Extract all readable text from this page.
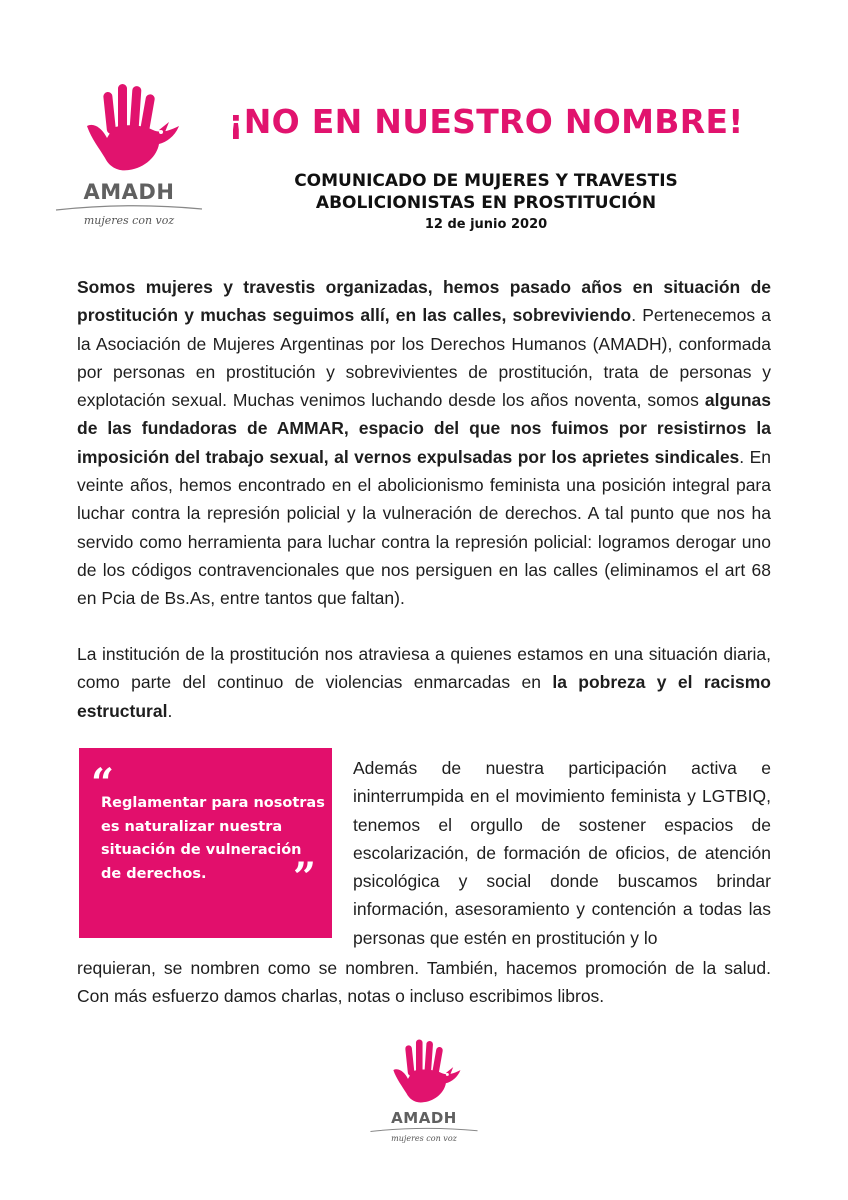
AMADH
mujeres con voz
¡NO EN NUESTRO NOMBRE!
COMUNICADO DE MUJERES Y TRAVESTIS
ABOLICIONISTAS EN PROSTITUCIÓN
12 de junio 2020
Somos mujeres y travestis organizadas, hemos pasado años en situación de prostitución y muchas seguimos allí, en las calles, sobreviviendo. Pertenecemos a la Asociación de Mujeres Argentinas por los Derechos Humanos (AMADH), conformada por personas en prostitución y sobrevivientes de prostitución, trata de personas y explotación sexual. Muchas venimos luchando desde los años noventa, somos algunas de las fundadoras de AMMAR, espacio del que nos fuimos por resistirnos la imposición del trabajo sexual, al vernos expulsadas por los aprietes sindicales. En veinte años, hemos encontrado en el abolicionismo feminista una posición integral para luchar contra la represión policial y la vulneración de derechos. A tal punto que nos ha servido como herramienta para luchar contra la represión policial: logramos derogar uno de los códigos contravencionales que nos persiguen en las calles (eliminamos el art 68 en Pcia de Bs.As, entre tantos que faltan).
La institución de la prostitución nos atraviesa a quienes estamos en una situación diaria, como parte del continuo de violencias enmarcadas en la pobreza y el racismo estructural.
“
Reglamentar para nosotras es naturalizar nuestra situación de vulneración de derechos.	”
Además de nuestra participación activa e ininterrumpida en el movimiento feminista y LGTBIQ, tenemos el orgullo de sostener espacios de escolarización, de formación de oficios, de atención psicológica y social donde buscamos brindar información, asesoramiento y contención a todas las personas que estén en prostitución y lo
requieran, se nombren como se nombren. También, hacemos promoción de la salud. Con más esfuerzo damos charlas, notas o incluso escribimos libros.
AMADH
mujeres con voz
